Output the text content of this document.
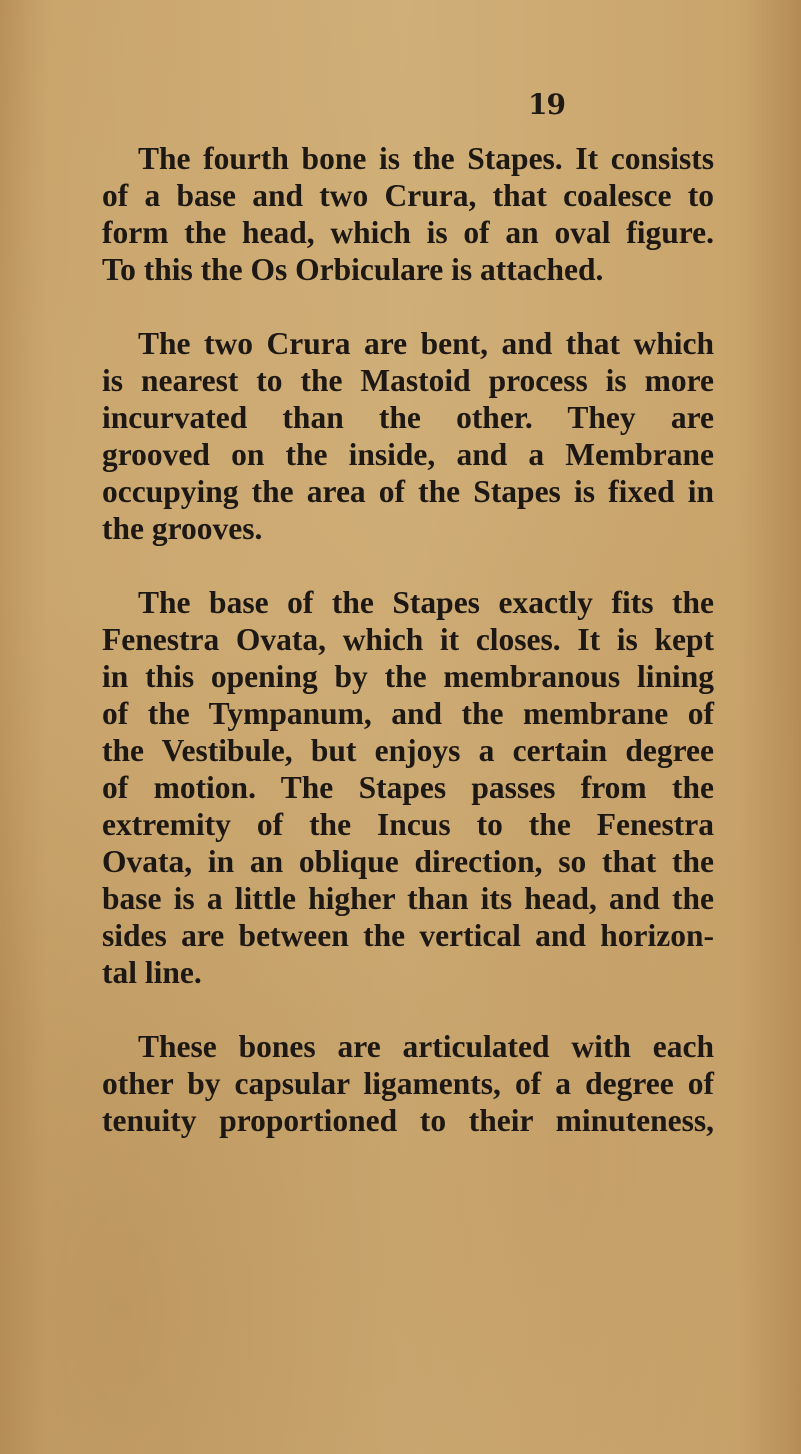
19
The fourth bone is the Stapes. It consists
of a base and two Crura, that coalesce to
form the head, which is of an oval figure.
To this the Os Orbiculare is attached.
The two Crura are bent, and that which
is nearest to the Mastoid process is more
incurvated than the other. They are
grooved on the inside, and a Membrane
occupying the area of the Stapes is fixed in
the grooves.
The base of the Stapes exactly fits the
Fenestra Ovata, which it closes. It is kept
in this opening by the membranous lining
of the Tympanum, and the membrane of
the Vestibule, but enjoys a certain degree
of motion. The Stapes passes from the
extremity of the Incus to the Fenestra
Ovata, in an oblique direction, so that the
base is a little higher than its head, and the
sides are between the vertical and horizon-
tal line.
These bones are articulated with each
other by capsular ligaments, of a degree of
tenuity proportioned to their minuteness,
